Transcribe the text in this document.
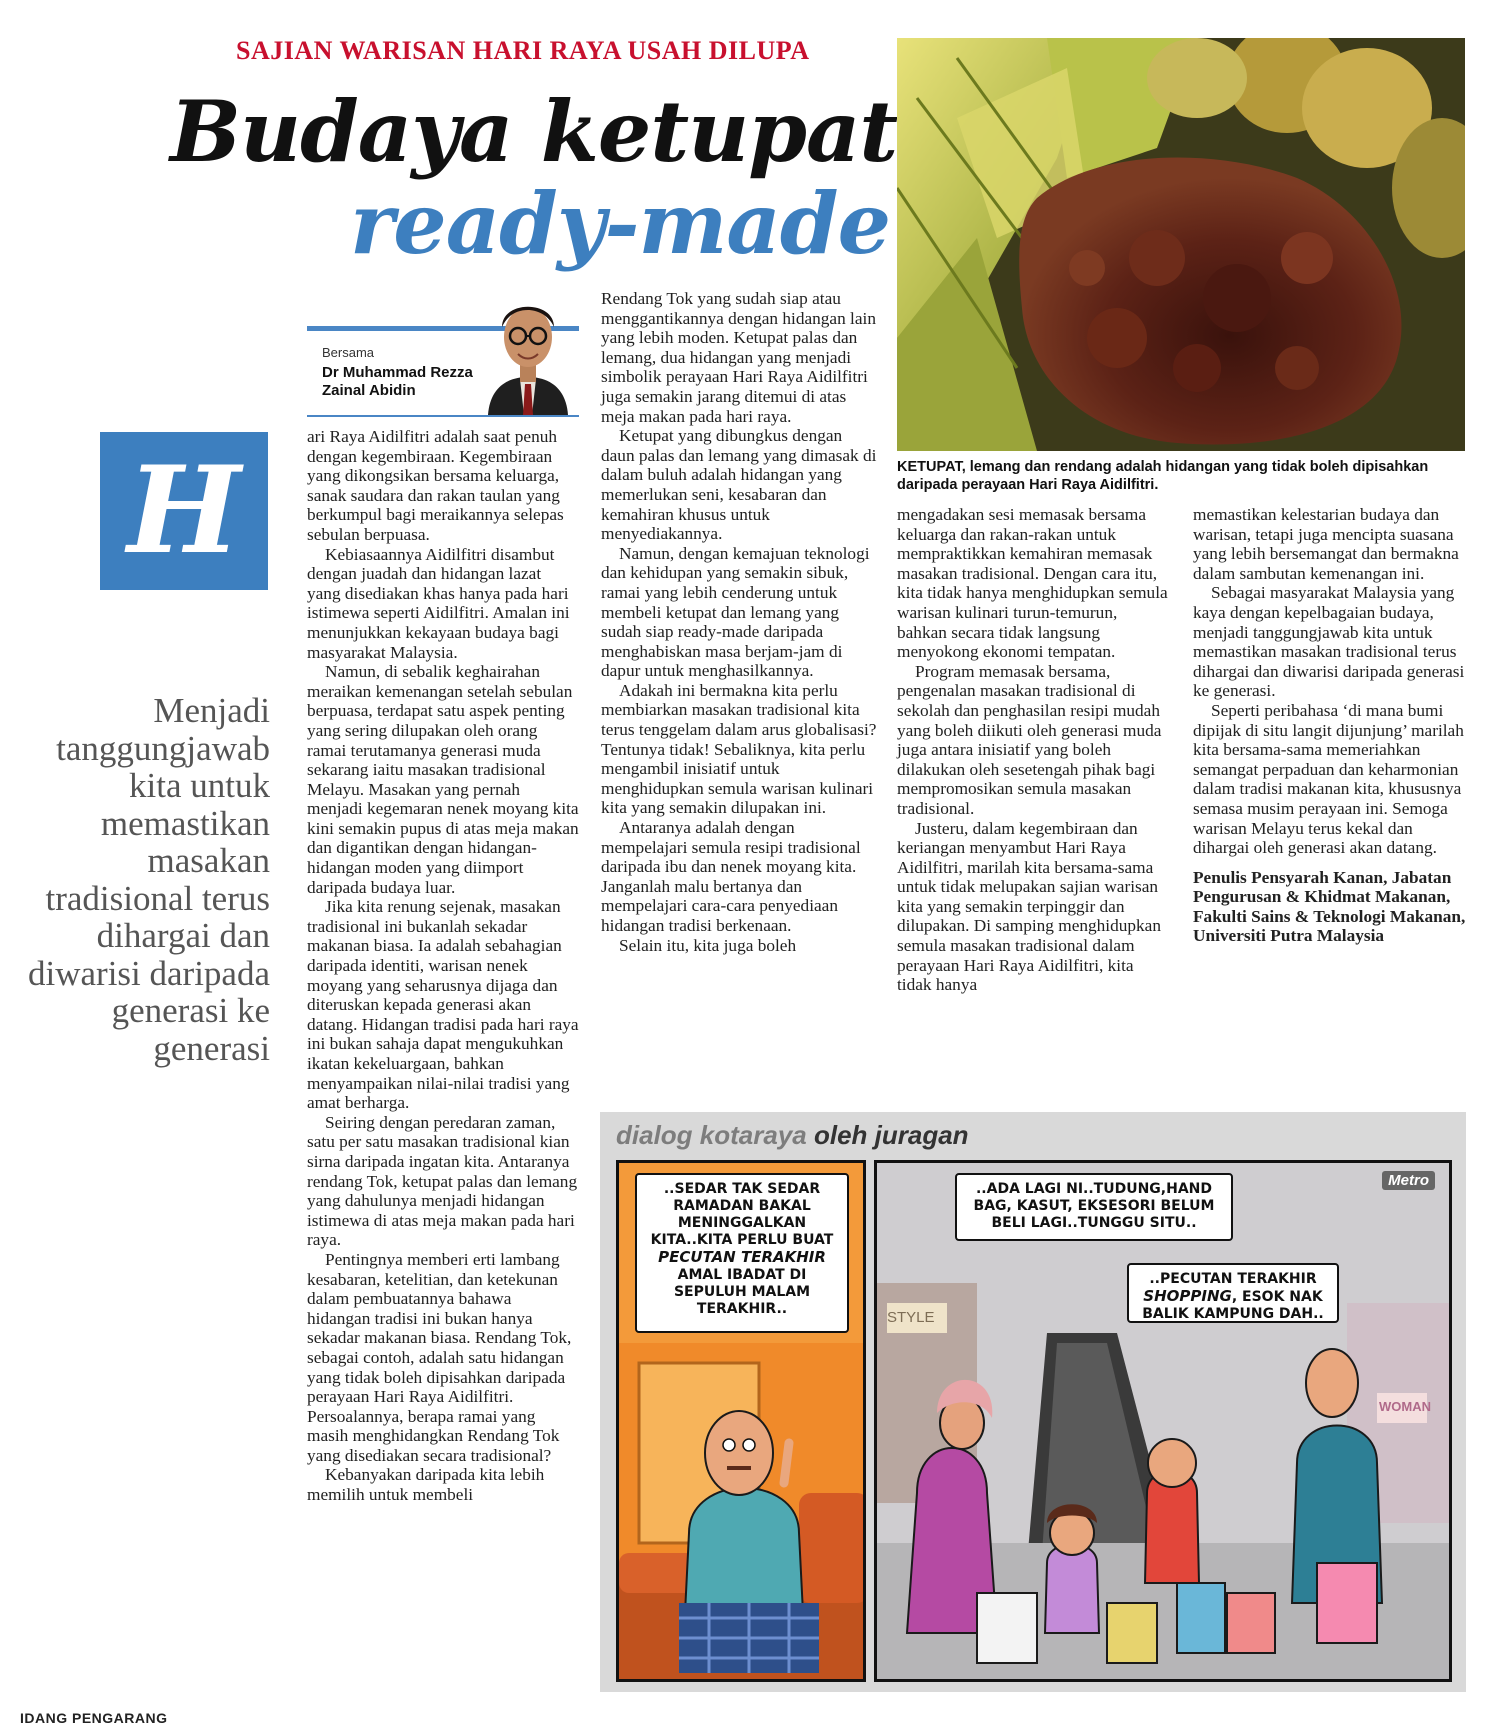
SAJIAN WARISAN HARI RAYA USAH DILUPA
Budaya ketupat
ready-made
KETUPAT, lemang dan rendang adalah hidangan yang tidak boleh dipisahkan daripada perayaan Hari Raya Aidilfitri.
Bersama
Dr Muhammad Rezza Zainal Abidin
H
Menjadi tanggungjawab kita untuk memastikan masakan tradisional terus dihargai dan diwarisi daripada generasi ke generasi

ari Raya Aidilfitri adalah saat penuh dengan kegembiraan. Kegembiraan yang dikongsikan bersama keluarga, sanak saudara dan rakan taulan yang berkumpul bagi meraikannya selepas sebulan berpuasa.

Kebiasaannya Aidilfitri disambut dengan juadah dan hidangan lazat yang disediakan khas hanya pada hari istimewa seperti Aidilfitri. Amalan ini menunjukkan kekayaan budaya bagi masyarakat Malaysia.

Namun, di sebalik keghairahan meraikan kemenangan setelah sebulan berpuasa, terdapat satu aspek penting yang sering dilupakan oleh orang ramai terutamanya generasi muda sekarang iaitu masakan tradisional Melayu. Masakan yang pernah menjadi kegemaran nenek moyang kita kini semakin pupus di atas meja makan dan digantikan dengan hidangan-hidangan moden yang diimport daripada budaya luar.

Jika kita renung sejenak, masakan tradisional ini bukanlah sekadar makanan biasa. Ia adalah sebahagian daripada identiti, warisan nenek moyang yang seharusnya dijaga dan diteruskan kepada generasi akan datang. Hidangan tradisi pada hari raya ini bukan sahaja dapat mengukuhkan ikatan kekeluargaan, bahkan menyampaikan nilai-nilai tradisi yang amat berharga.

Seiring dengan peredaran zaman, satu per satu masakan tradisional kian sirna daripada ingatan kita. Antaranya rendang Tok, ketupat palas dan lemang yang dahulunya menjadi hidangan istimewa di atas meja makan pada hari raya.

Pentingnya memberi erti lambang kesabaran, ketelitian, dan ketekunan dalam pembuatannya bahawa hidangan tradisi ini bukan hanya sekadar makanan biasa. Rendang Tok, sebagai contoh, adalah satu hidangan yang tidak boleh dipisahkan daripada perayaan Hari Raya Aidilfitri. Persoalannya, berapa ramai yang masih menghidangkan Rendang Tok yang disediakan secara tradisional?

Kebanyakan daripada kita lebih memilih untuk membeli

Rendang Tok yang sudah siap atau menggantikannya dengan hidangan lain yang lebih moden. Ketupat palas dan lemang, dua hidangan yang menjadi simbolik perayaan Hari Raya Aidilfitri juga semakin jarang ditemui di atas meja makan pada hari raya.

Ketupat yang dibungkus dengan daun palas dan lemang yang dimasak di dalam buluh adalah hidangan yang memerlukan seni, kesabaran dan kemahiran khusus untuk menyediakannya.

Namun, dengan kemajuan teknologi dan kehidupan yang semakin sibuk, ramai yang lebih cenderung untuk membeli ketupat dan lemang yang sudah siap ready-made daripada menghabiskan masa berjam-jam di dapur untuk menghasilkannya.

Adakah ini bermakna kita perlu membiarkan masakan tradisional kita terus tenggelam dalam arus globalisasi? Tentunya tidak! Sebaliknya, kita perlu mengambil inisiatif untuk menghidupkan semula warisan kulinari kita yang semakin dilupakan ini.

Antaranya adalah dengan mempelajari semula resipi tradisional daripada ibu dan nenek moyang kita. Janganlah malu bertanya dan mempelajari cara-cara penyediaan hidangan tradisi berkenaan.

Selain itu, kita juga boleh

mengadakan sesi memasak bersama keluarga dan rakan-rakan untuk mempraktikkan kemahiran memasak masakan tradisional. Dengan cara itu, kita tidak hanya menghidupkan semula warisan kulinari turun-temurun, bahkan secara tidak langsung menyokong ekonomi tempatan.

Program memasak bersama, pengenalan masakan tradisional di sekolah dan penghasilan resipi mudah yang boleh diikuti oleh generasi muda juga antara inisiatif yang boleh dilakukan oleh sesetengah pihak bagi mempromosikan semula masakan tradisional.

Justeru, dalam kegembiraan dan keriangan menyambut Hari Raya Aidilfitri, marilah kita bersama-sama untuk tidak melupakan sajian warisan kita yang semakin terpinggir dan dilupakan. Di samping menghidupkan semula masakan tradisional dalam perayaan Hari Raya Aidilfitri, kita tidak hanya

memastikan kelestarian budaya dan warisan, tetapi juga mencipta suasana yang lebih bersemangat dan bermakna dalam sambutan kemenangan ini.

Sebagai masyarakat Malaysia yang kaya dengan kepelbagaian budaya, menjadi tanggungjawab kita untuk memastikan masakan tradisional terus dihargai dan diwarisi daripada generasi ke generasi.

Seperti peribahasa ‘di mana bumi dipijak di situ langit dijunjung’ marilah kita bersama-sama memeriahkan semangat perpaduan dan keharmonian dalam tradisi makanan kita, khususnya semasa musim perayaan ini. Semoga warisan Melayu terus kekal dan dihargai oleh generasi akan datang.

Penulis Pensyarah Kanan, Jabatan Pengurusan & Khidmat Makanan, Fakulti Sains & Teknologi Makanan, Universiti Putra Malaysia

IDANG PENGARANG
dialog kotaraya oleh juragan
..SEDAR TAK SEDAR RAMADAN BAKAL MENINGGALKAN KITA..KITA PERLU BUAT PECUTAN TERAKHIR AMAL IBADAT DI SEPULUH MALAM TERAKHIR..	STYLE
WOMAN
Metro
..ADA LAGI NI..TUDUNG,HAND BAG, KASUT, EKSESORI BELUM BELI LAGI..TUNGGU SITU..
..PECUTAN TERAKHIR SHOPPING, ESOK NAK BALIK KAMPUNG DAH..
